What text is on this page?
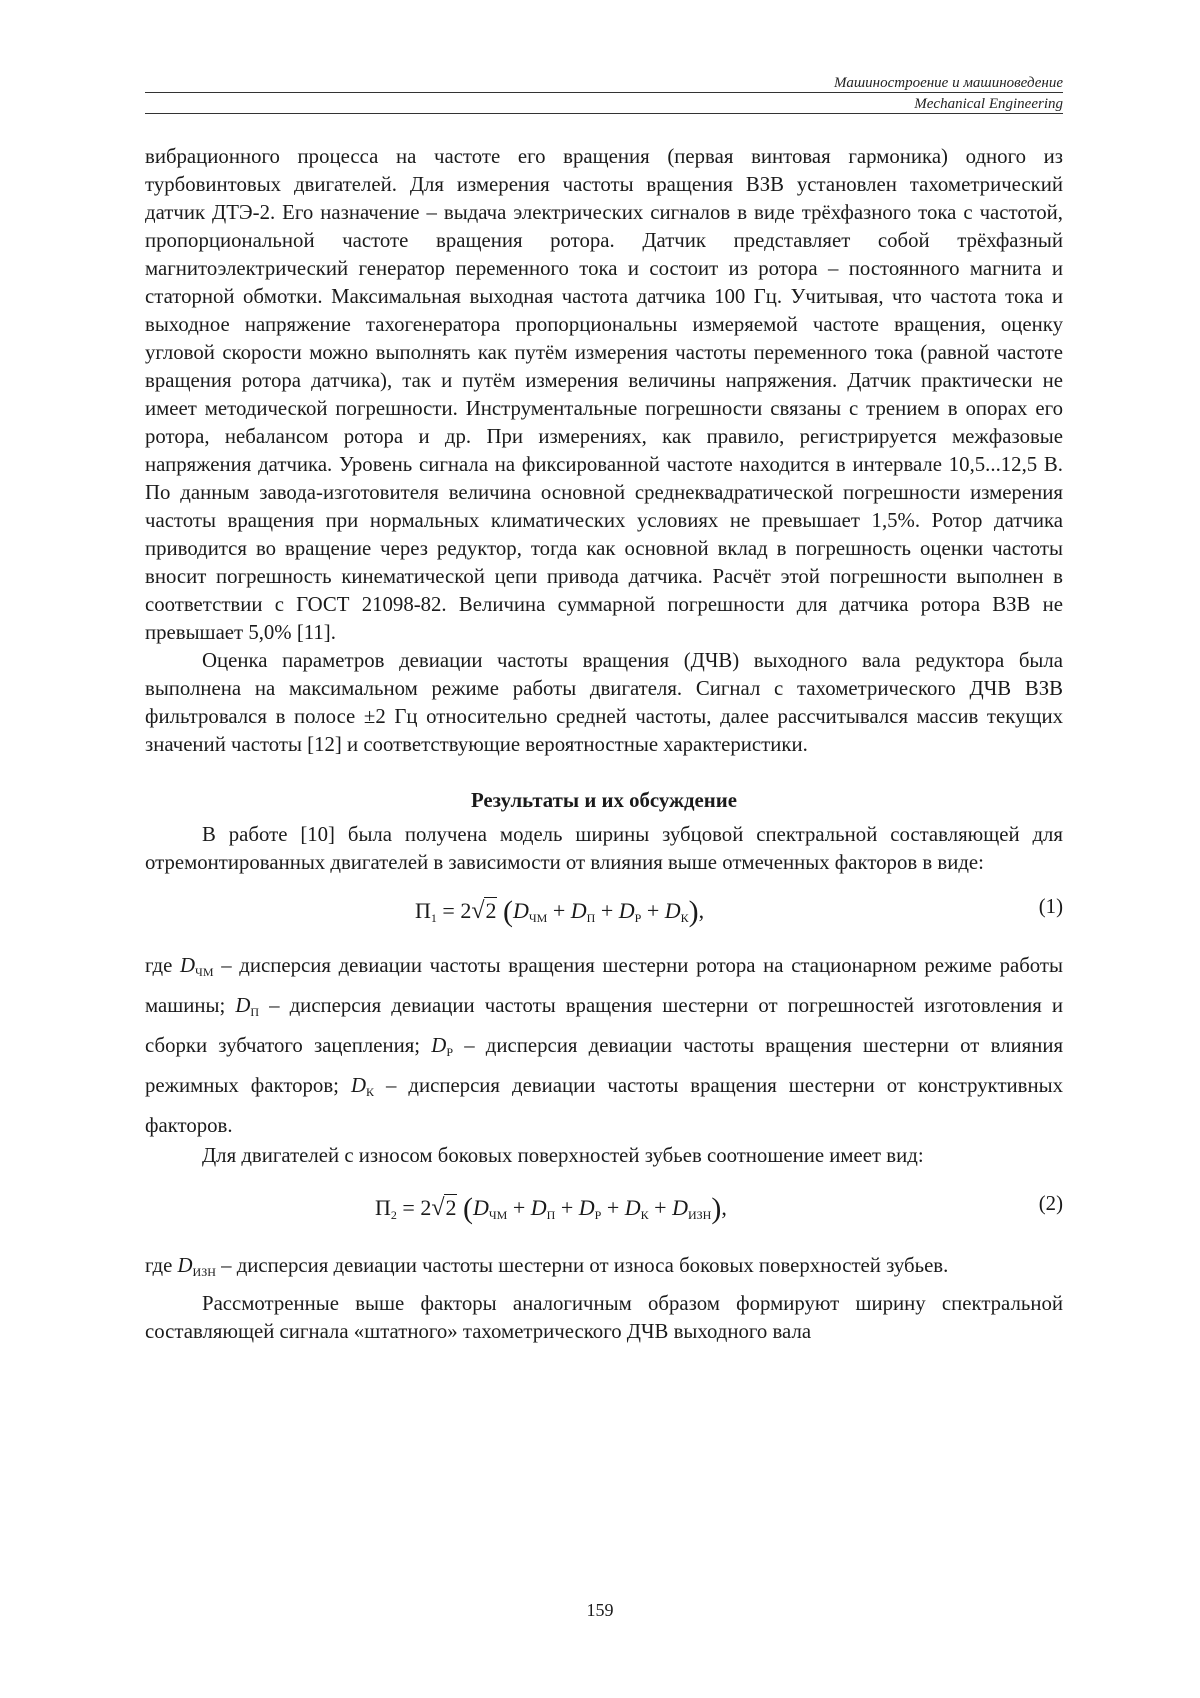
Машиностроение и машиноведение
Mechanical Engineering

вибрационного процесса на частоте его вращения (первая винтовая гармоника) одного из турбовинтовых двигателей. Для измерения частоты вращения ВЗВ установлен тахометрический датчик ДТЭ-2. Его назначение – выдача электрических сигналов в виде трёхфазного тока с частотой, пропорциональной частоте вращения ротора. Датчик представляет собой трёхфазный магнитоэлектрический генератор переменного тока и состоит из ротора – постоянного магнита и статорной обмотки. Максимальная выходная частота датчика 100 Гц. Учитывая, что частота тока и выходное напряжение тахогенератора пропорциональны измеряемой частоте вращения, оценку угловой скорости можно выполнять как путём измерения частоты переменного тока (равной частоте вращения ротора датчика), так и путём измерения величины напряжения. Датчик практически не имеет методической погрешности. Инструментальные погрешности связаны с трением в опорах его ротора, небалансом ротора и др. При измерениях, как правило, регистрируется межфазовые напряжения датчика. Уровень сигнала на фиксированной частоте находится в интервале 10,5...12,5 В. По данным завода-изготовителя величина основной среднеквадратической погрешности измерения частоты вращения при нормальных климатических условиях не превышает 1,5%. Ротор датчика приводится во вращение через редуктор, тогда как основной вклад в погрешность оценки частоты вносит погрешность кинематической цепи привода датчика. Расчёт этой погрешности выполнен в соответствии с ГОСТ 21098-82. Величина суммарной погрешности для датчика ротора ВЗВ не превышает 5,0% [11].

Оценка параметров девиации частоты вращения (ДЧВ) выходного вала редуктора была выполнена на максимальном режиме работы двигателя. Сигнал с тахометрического ДЧВ ВЗВ фильтровался в полосе ±2 Гц относительно средней частоты, далее рассчитывался массив текущих значений частоты [12] и соответствующие вероятностные характеристики.

Результаты и их обсуждение

В работе [10] была получена модель ширины зубцовой спектральной составляющей для отремонтированных двигателей в зависимости от влияния выше отмеченных факторов в виде:

$П_1 = 2√2$ $(D_{ЧМ} + D_П + D_Р + D_К)$,	(1)

где $D_{ЧМ}$ – дисперсия девиации частоты вращения шестерни ротора на стационарном режиме работы машины; $D_П$ – дисперсия девиации частоты вращения шестерни от погрешностей изготовления и сборки зубчатого зацепления; $D_Р$ – дисперсия девиации частоты вращения шестерни от влияния режимных факторов; $D_К$ – дисперсия девиации частоты вращения шестерни от конструктивных факторов.

Для двигателей с износом боковых поверхностей зубьев соотношение имеет вид:

$П_2 = 2√2$ $(D_{ЧМ} + D_П + D_Р + D_К + D_{ИЗН})$,	(2)

где $D_{ИЗН}$ – дисперсия девиации частоты шестерни от износа боковых поверхностей зубьев.

Рассмотренные выше факторы аналогичным образом формируют ширину спектральной составляющей сигнала «штатного» тахометрического ДЧВ выходного вала

159
